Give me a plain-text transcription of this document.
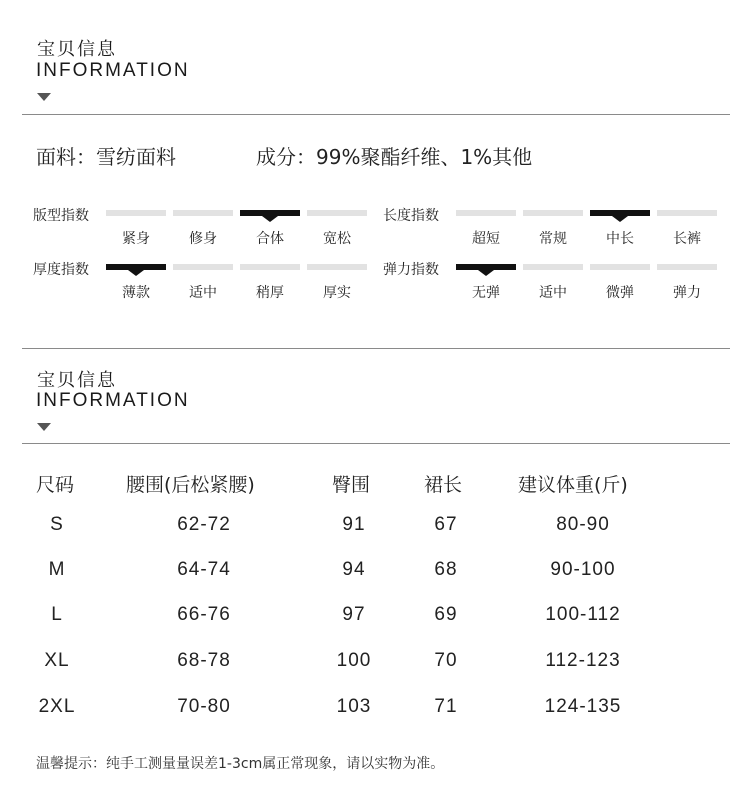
宝贝信息
INFORMATION
面料：雪纺面料	成分：99%聚酯纤维、1%其他
版型指数
紧身	修身	合体	宽松
长度指数
超短	常规	中长	长裤
厚度指数
薄款	适中	稍厚	厚实
弹力指数
无弹	适中	微弹	弹力
宝贝信息
INFORMATION
尺码	腰围(后松紧腰)	臀围	裙长	建议体重(斤)
S	62-72	91	67	80-90
M	64-74	94	68	90-100
L	66-76	97	69	100-112
XL	68-78	100	70	112-123
2XL	70-80	103	71	124-135
温馨提示：纯手工测量量误差1-3cm属正常现象，请以实物为准。
